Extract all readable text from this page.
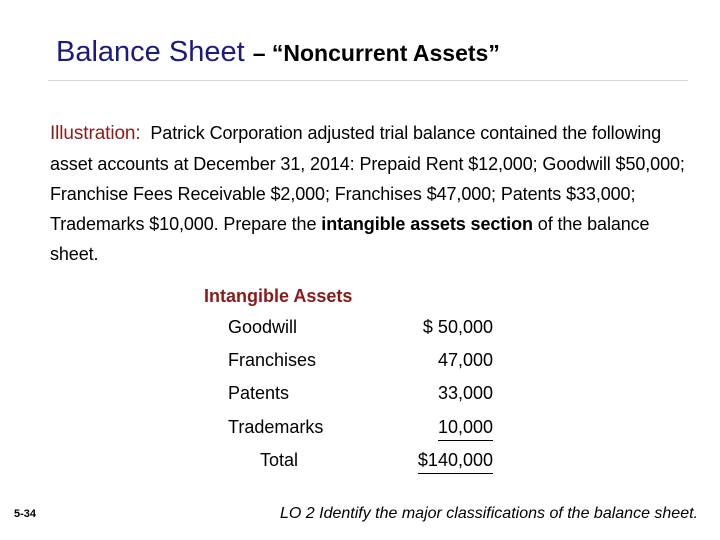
Balance Sheet – “Noncurrent Assets”
Illustration: Patrick Corporation adjusted trial balance contained the following asset accounts at December 31, 2014: Prepaid Rent $12,000; Goodwill $50,000; Franchise Fees Receivable $2,000; Franchises $47,000; Patents $33,000; Trademarks $10,000. Prepare the intangible assets section of the balance sheet.
Intangible Assets
Goodwill	$ 50,000
Franchises	47,000
Patents	33,000
Trademarks	10,000
Total	$140,000
5-34	LO 2 Identify the major classifications of the balance sheet.
